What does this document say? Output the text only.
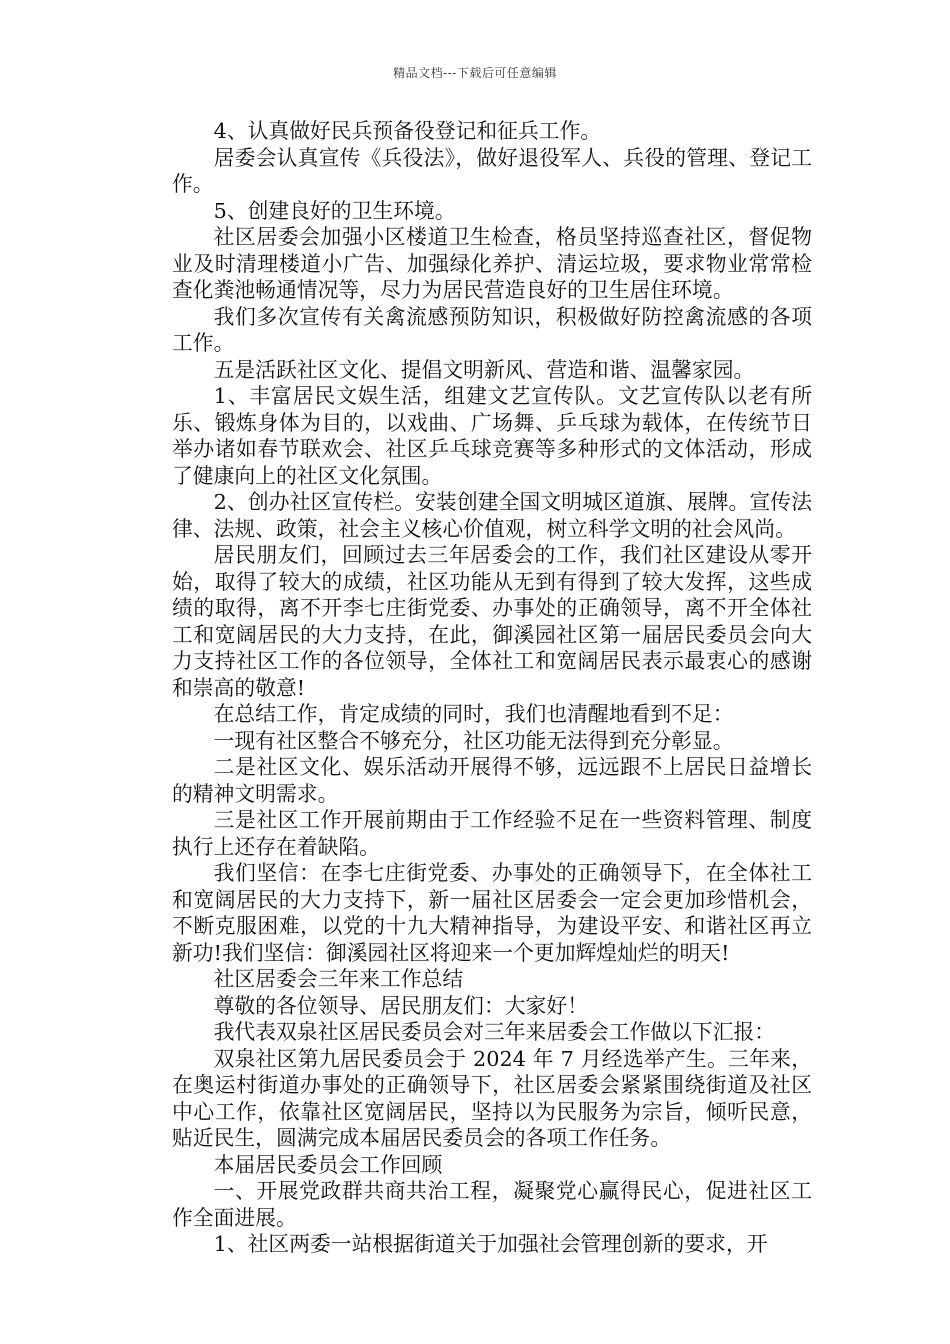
精品文档---下载后可任意编辑

4、认真做好民兵预备役登记和征兵工作。

居委会认真宣传《兵役法》，做好退役军人、兵役的管理、登记工作。

5、创建良好的卫生环境。

社区居委会加强小区楼道卫生检查，格员坚持巡查社区，督促物业及时清理楼道小广告、加强绿化养护、清运垃圾，要求物业常常检查化粪池畅通情况等，尽力为居民营造良好的卫生居住环境。

我们多次宣传有关禽流感预防知识，积极做好防控禽流感的各项工作。

五是活跃社区文化、提倡文明新风、营造和谐、温馨家园。

1、丰富居民文娱生活，组建文艺宣传队。文艺宣传队以老有所乐、锻炼身体为目的，以戏曲、广场舞、乒乓球为载体，在传统节日举办诸如春节联欢会、社区乒乓球竞赛等多种形式的文体活动，形成了健康向上的社区文化氛围。

2、创办社区宣传栏。安装创建全国文明城区道旗、展牌。宣传法律、法规、政策，社会主义核心价值观，树立科学文明的社会风尚。

居民朋友们，回顾过去三年居委会的工作，我们社区建设从零开始，取得了较大的成绩，社区功能从无到有得到了较大发挥，这些成绩的取得，离不开李七庄街党委、办事处的正确领导，离不开全体社工和宽阔居民的大力支持，在此，御溪园社区第一届居民委员会向大力支持社区工作的各位领导，全体社工和宽阔居民表示最衷心的感谢和崇高的敬意!

在总结工作，肯定成绩的同时，我们也清醒地看到不足：

一现有社区整合不够充分，社区功能无法得到充分彰显。

二是社区文化、娱乐活动开展得不够，远远跟不上居民日益增长的精神文明需求。

三是社区工作开展前期由于工作经验不足在一些资料管理、制度执行上还存在着缺陷。

我们坚信：在李七庄街党委、办事处的正确领导下，在全体社工和宽阔居民的大力支持下，新一届社区居委会一定会更加珍惜机会，不断克服困难，以党的十九大精神指导，为建设平安、和谐社区再立新功!我们坚信：御溪园社区将迎来一个更加辉煌灿烂的明天!

社区居委会三年来工作总结

尊敬的各位领导、居民朋友们：大家好！

我代表双泉社区居民委员会对三年来居委会工作做以下汇报：

双泉社区第九居民委员会于 2024 年 7 月经选举产生。三年来，在奥运村街道办事处的正确领导下，社区居委会紧紧围绕街道及社区中心工作，依靠社区宽阔居民，坚持以为民服务为宗旨，倾听民意，贴近民生，圆满完成本届居民委员会的各项工作任务。

本届居民委员会工作回顾

一、开展党政群共商共治工程，凝聚党心赢得民心，促进社区工作全面进展。

1、社区两委一站根据街道关于加强社会管理创新的要求，开
